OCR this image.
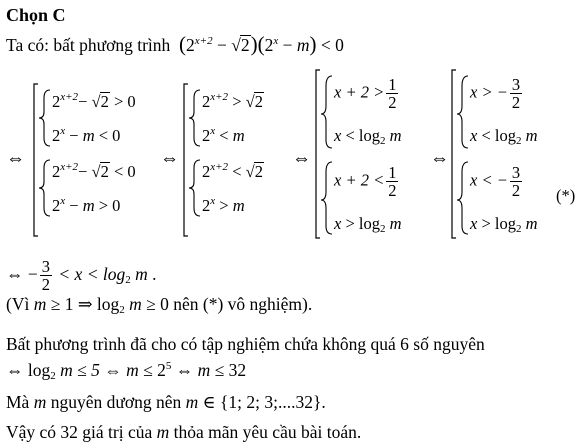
Chọn C
Ta có: bất phương trình $(2^{x+2} - √2)(2^x - m) < 0$
⇔	⇔	⇔	⇔
$2^{x+2}- √2 > 0$
$2^x - m < 0$
$2^{x+2}- √2 < 0$
$2^x - m > 0$
$2^{x+2} > √2$
$2^x < m$
$2^{x+2} < √2$
$2^x > m$
$x + 2 > \frac{1}{2}$
$x < \log_2 m$
$x + 2 < \frac{1}{2}$
$x > \log_2 m$
x > − $\frac{3}{2}$
$x < \log_2 m$
x < − $\frac{3}{2}$
$x > \log_2 m$
(*)
⇔ − $\frac{3}{2} < x < \log_2 m$ .
(Vì m ≥ 1 ⇒ $\log_2 m \ge 0$ nên (*) vô nghiệm).
Bất phương trình đã cho có tập nghiệm chứa không quá 6 số nguyên
⇔ $\log_2 m \le 5$ ⇔ $m \le 2^5$ ⇔ m ≤ 32
Mà m nguyên dương nên m ∈ {1; 2; 3;....32}.
Vậy có 32 giá trị của m thỏa mãn yêu cầu bài toán.
